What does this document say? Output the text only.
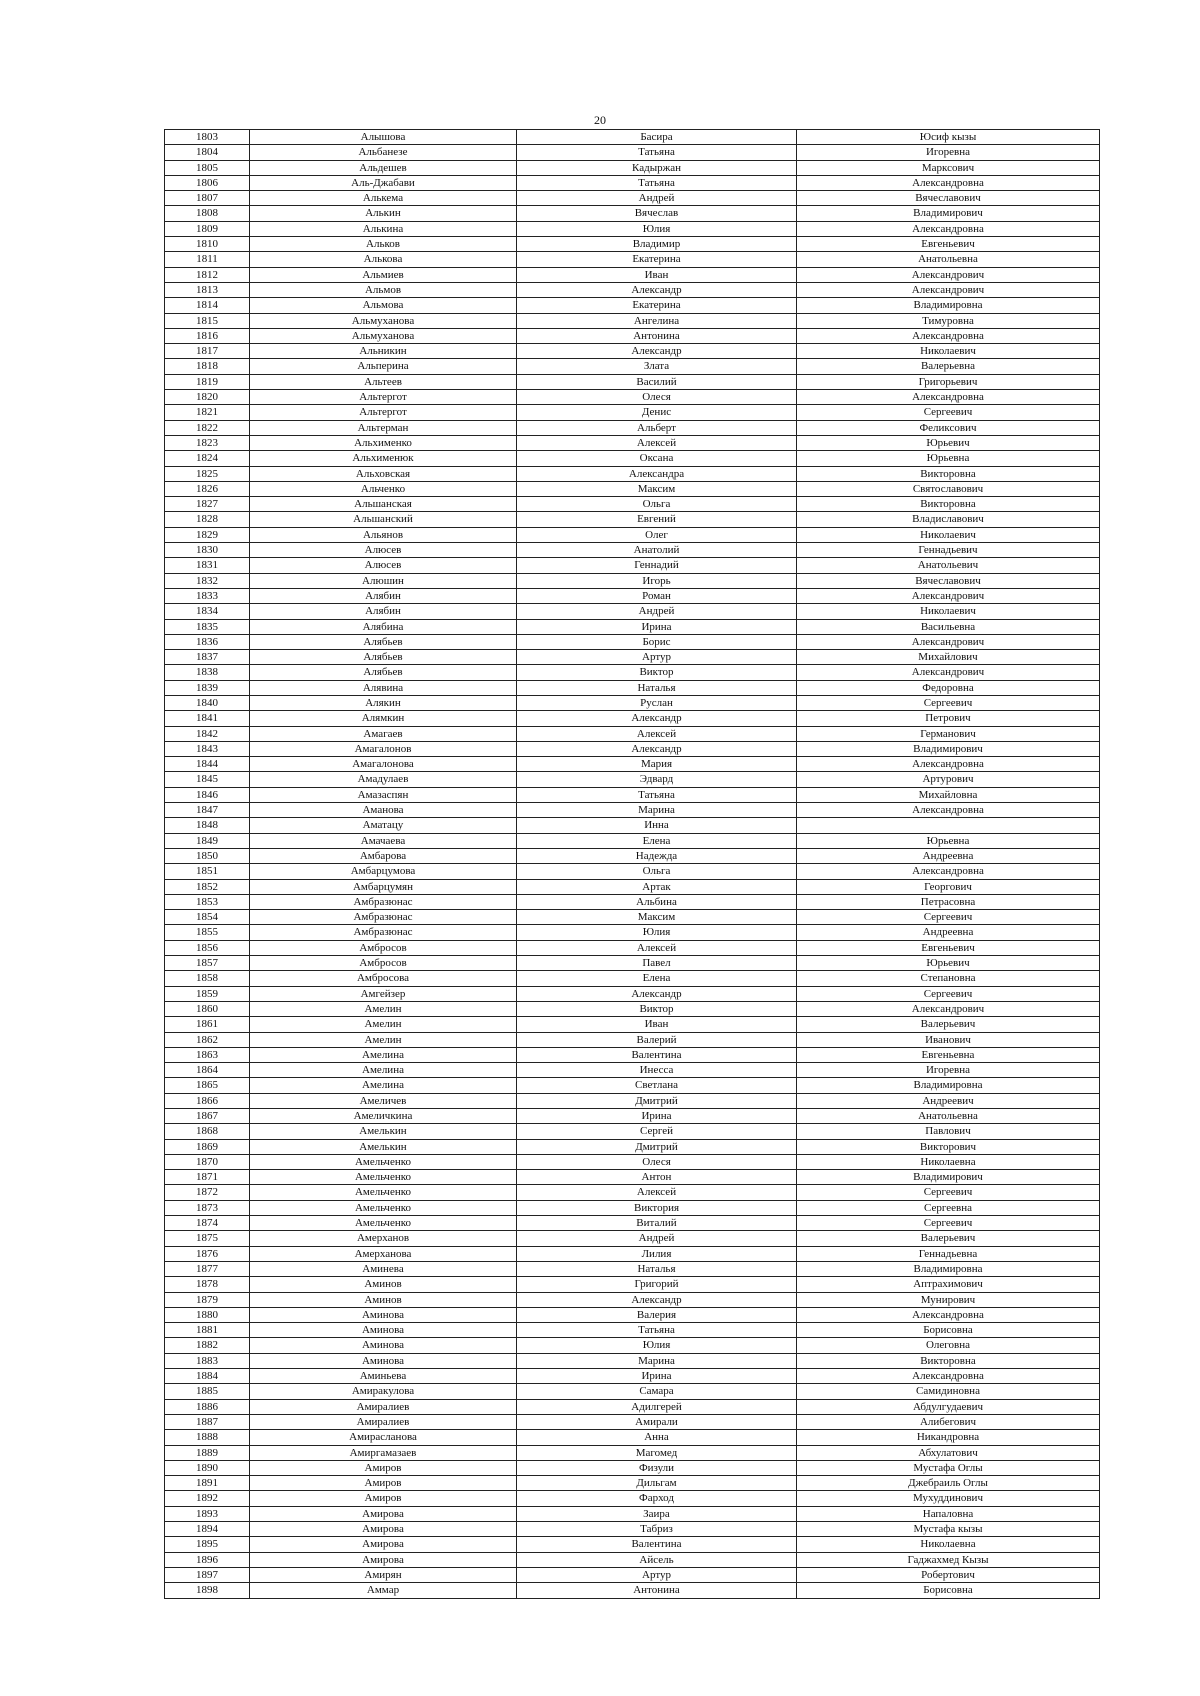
20
1803	Алышова	Басира	Юсиф кызы
1804	Альбанезе	Татьяна	Игоревна
1805	Альдешев	Кадыржан	Марксович
1806	Аль-Джабави	Татьяна	Александровна
1807	Алькема	Андрей	Вячеславович
1808	Алькин	Вячеслав	Владимирович
1809	Алькина	Юлия	Александровна
1810	Альков	Владимир	Евгеньевич
1811	Алькова	Екатерина	Анатольевна
1812	Альмиев	Иван	Александрович
1813	Альмов	Александр	Александрович
1814	Альмова	Екатерина	Владимировна
1815	Альмуханова	Ангелина	Тимуровна
1816	Альмуханова	Антонина	Александровна
1817	Альникин	Александр	Николаевич
1818	Альперина	Злата	Валерьевна
1819	Альтеев	Василий	Григорьевич
1820	Альтергот	Олеся	Александровна
1821	Альтергот	Денис	Сергеевич
1822	Альтерман	Альберт	Феликсович
1823	Альхименко	Алексей	Юрьевич
1824	Альхименюк	Оксана	Юрьевна
1825	Альховская	Александра	Викторовна
1826	Альченко	Максим	Святославович
1827	Альшанская	Ольга	Викторовна
1828	Альшанский	Евгений	Владиславович
1829	Альянов	Олег	Николаевич
1830	Алюсев	Анатолий	Геннадьевич
1831	Алюсев	Геннадий	Анатольевич
1832	Алюшин	Игорь	Вячеславович
1833	Алябин	Роман	Александрович
1834	Алябин	Андрей	Николаевич
1835	Алябина	Ирина	Васильевна
1836	Алябьев	Борис	Александрович
1837	Алябьев	Артур	Михайлович
1838	Алябьев	Виктор	Александрович
1839	Алявина	Наталья	Федоровна
1840	Алякин	Руслан	Сергеевич
1841	Алямкин	Александр	Петрович
1842	Амагаев	Алексей	Германович
1843	Амагалонов	Александр	Владимирович
1844	Амагалонова	Мария	Александровна
1845	Амадулаев	Эдвард	Артурович
1846	Амазаспян	Татьяна	Михайловна
1847	Аманова	Марина	Александровна
1848	Аматацу	Инна	
1849	Амачаева	Елена	Юрьевна
1850	Амбарова	Надежда	Андреевна
1851	Амбарцумова	Ольга	Александровна
1852	Амбарцумян	Артак	Георгович
1853	Амбразюнас	Альбина	Петрасовна
1854	Амбразюнас	Максим	Сергеевич
1855	Амбразюнас	Юлия	Андреевна
1856	Амбросов	Алексей	Евгеньевич
1857	Амбросов	Павел	Юрьевич
1858	Амбросова	Елена	Степановна
1859	Амгейзер	Александр	Сергеевич
1860	Амелин	Виктор	Александрович
1861	Амелин	Иван	Валерьевич
1862	Амелин	Валерий	Иванович
1863	Амелина	Валентина	Евгеньевна
1864	Амелина	Инесса	Игоревна
1865	Амелина	Светлана	Владимировна
1866	Амеличев	Дмитрий	Андреевич
1867	Амеличкина	Ирина	Анатольевна
1868	Амелькин	Сергей	Павлович
1869	Амелькин	Дмитрий	Викторович
1870	Амельченко	Олеся	Николаевна
1871	Амельченко	Антон	Владимирович
1872	Амельченко	Алексей	Сергеевич
1873	Амельченко	Виктория	Сергеевна
1874	Амельченко	Виталий	Сергеевич
1875	Амерханов	Андрей	Валерьевич
1876	Амерханова	Лилия	Геннадьевна
1877	Аминева	Наталья	Владимировна
1878	Аминов	Григорий	Аптрахимович
1879	Аминов	Александр	Мунирович
1880	Аминова	Валерия	Александровна
1881	Аминова	Татьяна	Борисовна
1882	Аминова	Юлия	Олеговна
1883	Аминова	Марина	Викторовна
1884	Аминьева	Ирина	Александровна
1885	Амиракулова	Самара	Самидиновна
1886	Амиралиев	Адилгерей	Абдулгудаевич
1887	Амиралиев	Амирали	Алибегович
1888	Амирасланова	Анна	Никандровна
1889	Амиргамазаев	Магомед	Абхулатович
1890	Амиров	Физули	Мустафа Оглы
1891	Амиров	Дильгам	Джебраиль Оглы
1892	Амиров	Фарход	Мухуддинович
1893	Амирова	Заира	Напаловна
1894	Амирова	Табриз	Мустафа кызы
1895	Амирова	Валентина	Николаевна
1896	Амирова	Айсель	Гаджахмед Кызы
1897	Амирян	Артур	Робертович
1898	Аммар	Антонина	Борисовна
